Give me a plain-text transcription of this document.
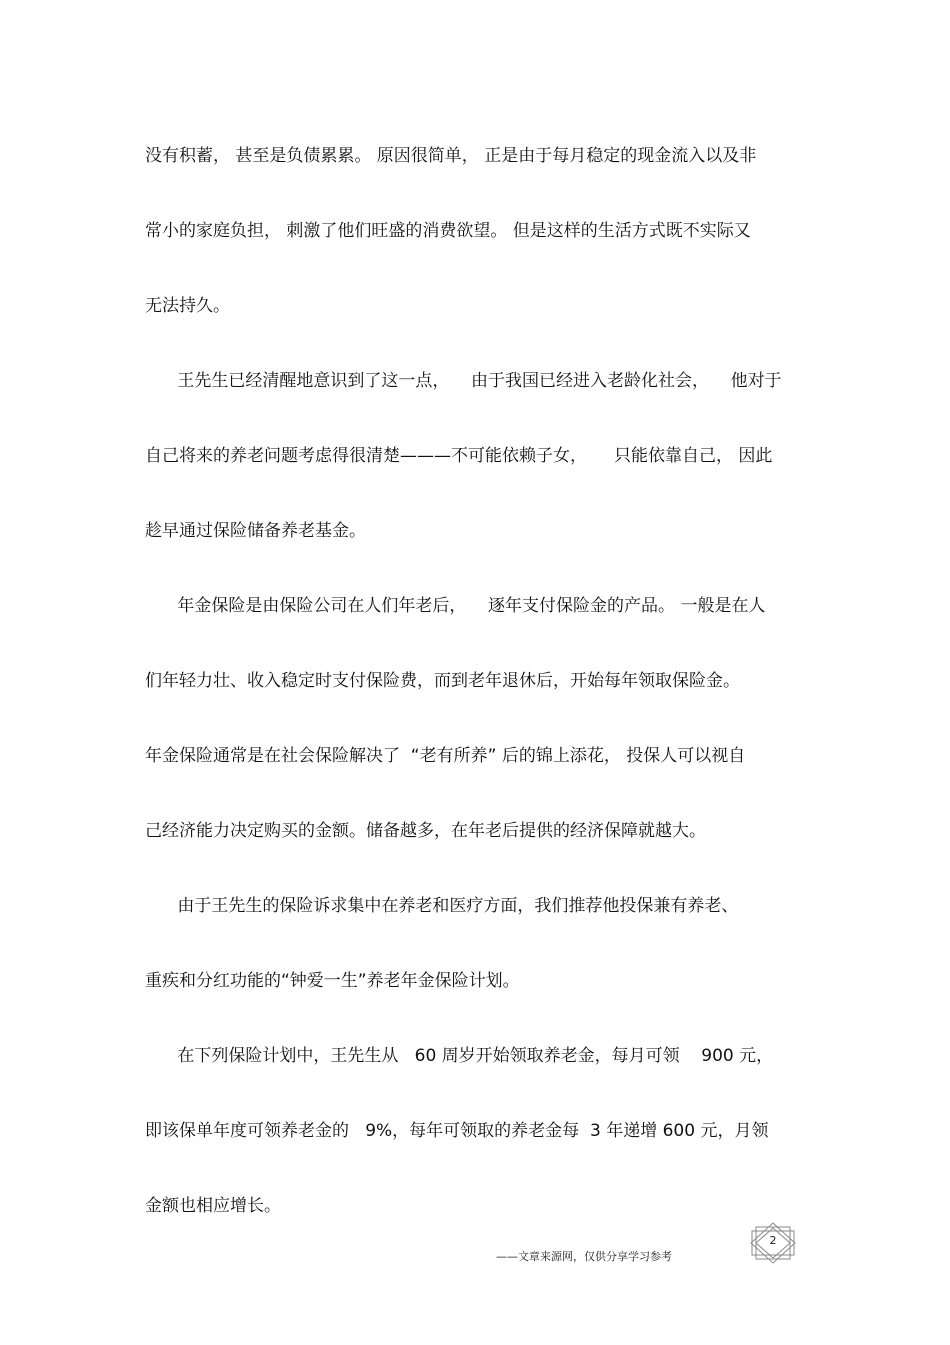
没有积蓄， 甚至是负债累累。 原因很简单， 正是由于每月稳定的现金流入以及非
常小的家庭负担， 刺激了他们旺盛的消费欲望。 但是这样的生活方式既不实际又
无法持久。
王先生已经清醒地意识到了这一点，    由于我国已经进入老龄化社会，    他对于
自己将来的养老问题考虑得很清楚———不可能依赖子女，     只能依靠自己， 因此
趁早通过保险储备养老基金。
年金保险是由保险公司在人们年老后，    逐年支付保险金的产品。 一般是在人
们年轻力壮、收入稳定时支付保险费，而到老年退休后，开始每年领取保险金。
年金保险通常是在社会保险解决了  “老有所养” 后的锦上添花， 投保人可以视自
己经济能力决定购买的金额。储备越多，在年老后提供的经济保障就越大。
由于王先生的保险诉求集中在养老和医疗方面，我们推荐他投保兼有养老、
重疾和分红功能的“钟爱一生”养老年金保险计划。
在下列保险计划中，王先生从   60 周岁开始领取养老金，每月可领    900 元，
即该保单年度可领养老金的   9%，每年可领取的养老金每  3 年递增 600 元，月领
金额也相应增长。
——文章来源网，仅供分享学习参考
2
